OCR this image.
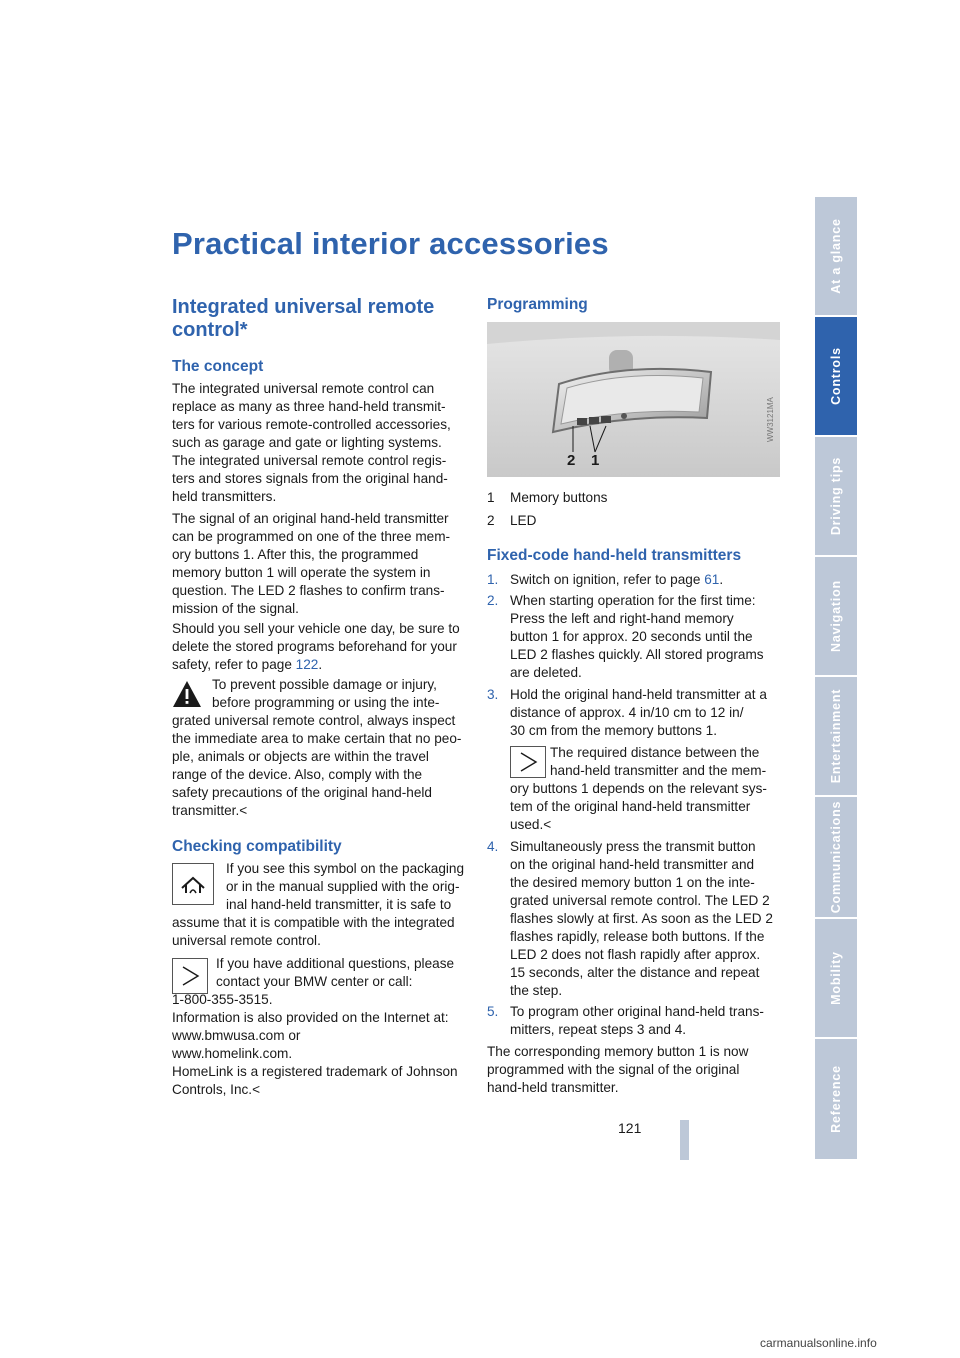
Practical interior accessories
Integrated universal remote
control*
The concept
The integrated universal remote control can
replace as many as three hand-held transmit-
ters for various remote-controlled accessories,
such as garage and gate or lighting systems.
The integrated universal remote control regis-
ters and stores signals from the original hand-
held transmitters.
The signal of an original hand-held transmitter
can be programmed on one of the three mem-
ory buttons 1. After this, the programmed
memory button 1 will operate the system in
question. The LED 2 flashes to confirm trans-
mission of the signal.
Should you sell your vehicle one day, be sure to
delete the stored programs beforehand for your
safety, refer to page 122.
To prevent possible damage or injury,
before programming or using the inte-
grated universal remote control, always inspect
the immediate area to make certain that no peo-
ple, animals or objects are within the travel
range of the device. Also, comply with the
safety precautions of the original hand-held
transmitter.<
Checking compatibility
If you see this symbol on the packaging
or in the manual supplied with the orig-
inal hand-held transmitter, it is safe to
assume that it is compatible with the integrated
universal remote control.
If you have additional questions, please
contact your BMW center or call:
1-800-355-3515.
Information is also provided on the Internet at:
www.bmwusa.com or
www.homelink.com.
HomeLink is a registered trademark of Johnson
Controls, Inc.<
Programming
WW3121MA
2 1
1 Memory buttons
2 LED
Fixed-code hand-held transmitters
1. Switch on ignition, refer to page 61.
2. When starting operation for the first time:
Press the left and right-hand memory
button 1 for approx. 20 seconds until the
LED 2 flashes quickly. All stored programs
are deleted.
3. Hold the original hand-held transmitter at a
distance of approx. 4 in/10 cm to 12 in/
30 cm from the memory buttons 1.
The required distance between the
hand-held transmitter and the mem-
ory buttons 1 depends on the relevant sys-
tem of the original hand-held transmitter
used.<
4. Simultaneously press the transmit button
on the original hand-held transmitter and
the desired memory button 1 on the inte-
grated universal remote control. The LED 2
flashes slowly at first. As soon as the LED 2
flashes rapidly, release both buttons. If the
LED 2 does not flash rapidly after approx.
15 seconds, alter the distance and repeat
the step.
5. To program other original hand-held trans-
mitters, repeat steps 3 and 4.
The corresponding memory button 1 is now
programmed with the signal of the original
hand-held transmitter.
121
At a glance
Controls
Driving tips
Navigation
Entertainment
Communications
Mobility
Reference
carmanualsonline.info
